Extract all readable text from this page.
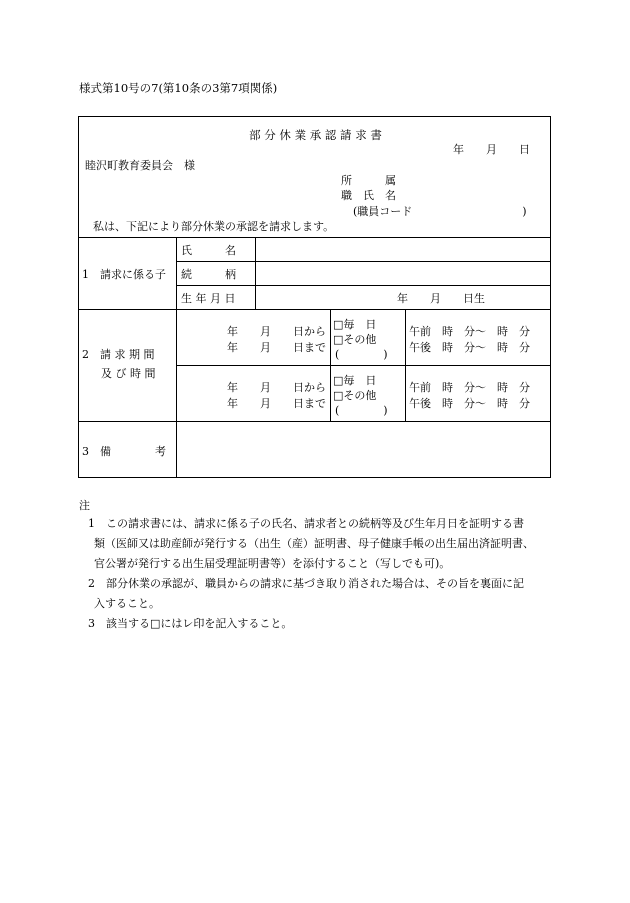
様式第10号の7(第10条の3第7項関係)
部 分 休 業 承 認 請 求 書
年　　月　　日
睦沢町教育委員会　様
所　　　属
職　氏　名
(職員コード　　　　　　　　　　)
私は、下記により部分休業の承認を請求します。
1　請求に係る子
氏　　　名
続　　　柄
生 年 月 日	年　　月　　日生
2　請 求 期 間
及 び 時 間
年　　月　　日から
年　　月　　日まで
□毎　日
□その他
(　　　　)
午前　時　分～　時　分
午後　時　分～　時　分
年　　月　　日から
年　　月　　日まで
□毎　日
□その他
(　　　　)
午前　時　分～　時　分
午後　時　分～　時　分
3　備　　　　考
注
1　この請求書には、請求に係る子の氏名、請求者との続柄等及び生年月日を証明する書
類（医師又は助産師が発行する（出生（産）証明書、母子健康手帳の出生届出済証明書、
官公署が発行する出生届受理証明書等）を添付すること（写しでも可)。
2　部分休業の承認が、職員からの請求に基づき取り消された場合は、その旨を裏面に記
入すること。
3　該当する□にはレ印を記入すること。
